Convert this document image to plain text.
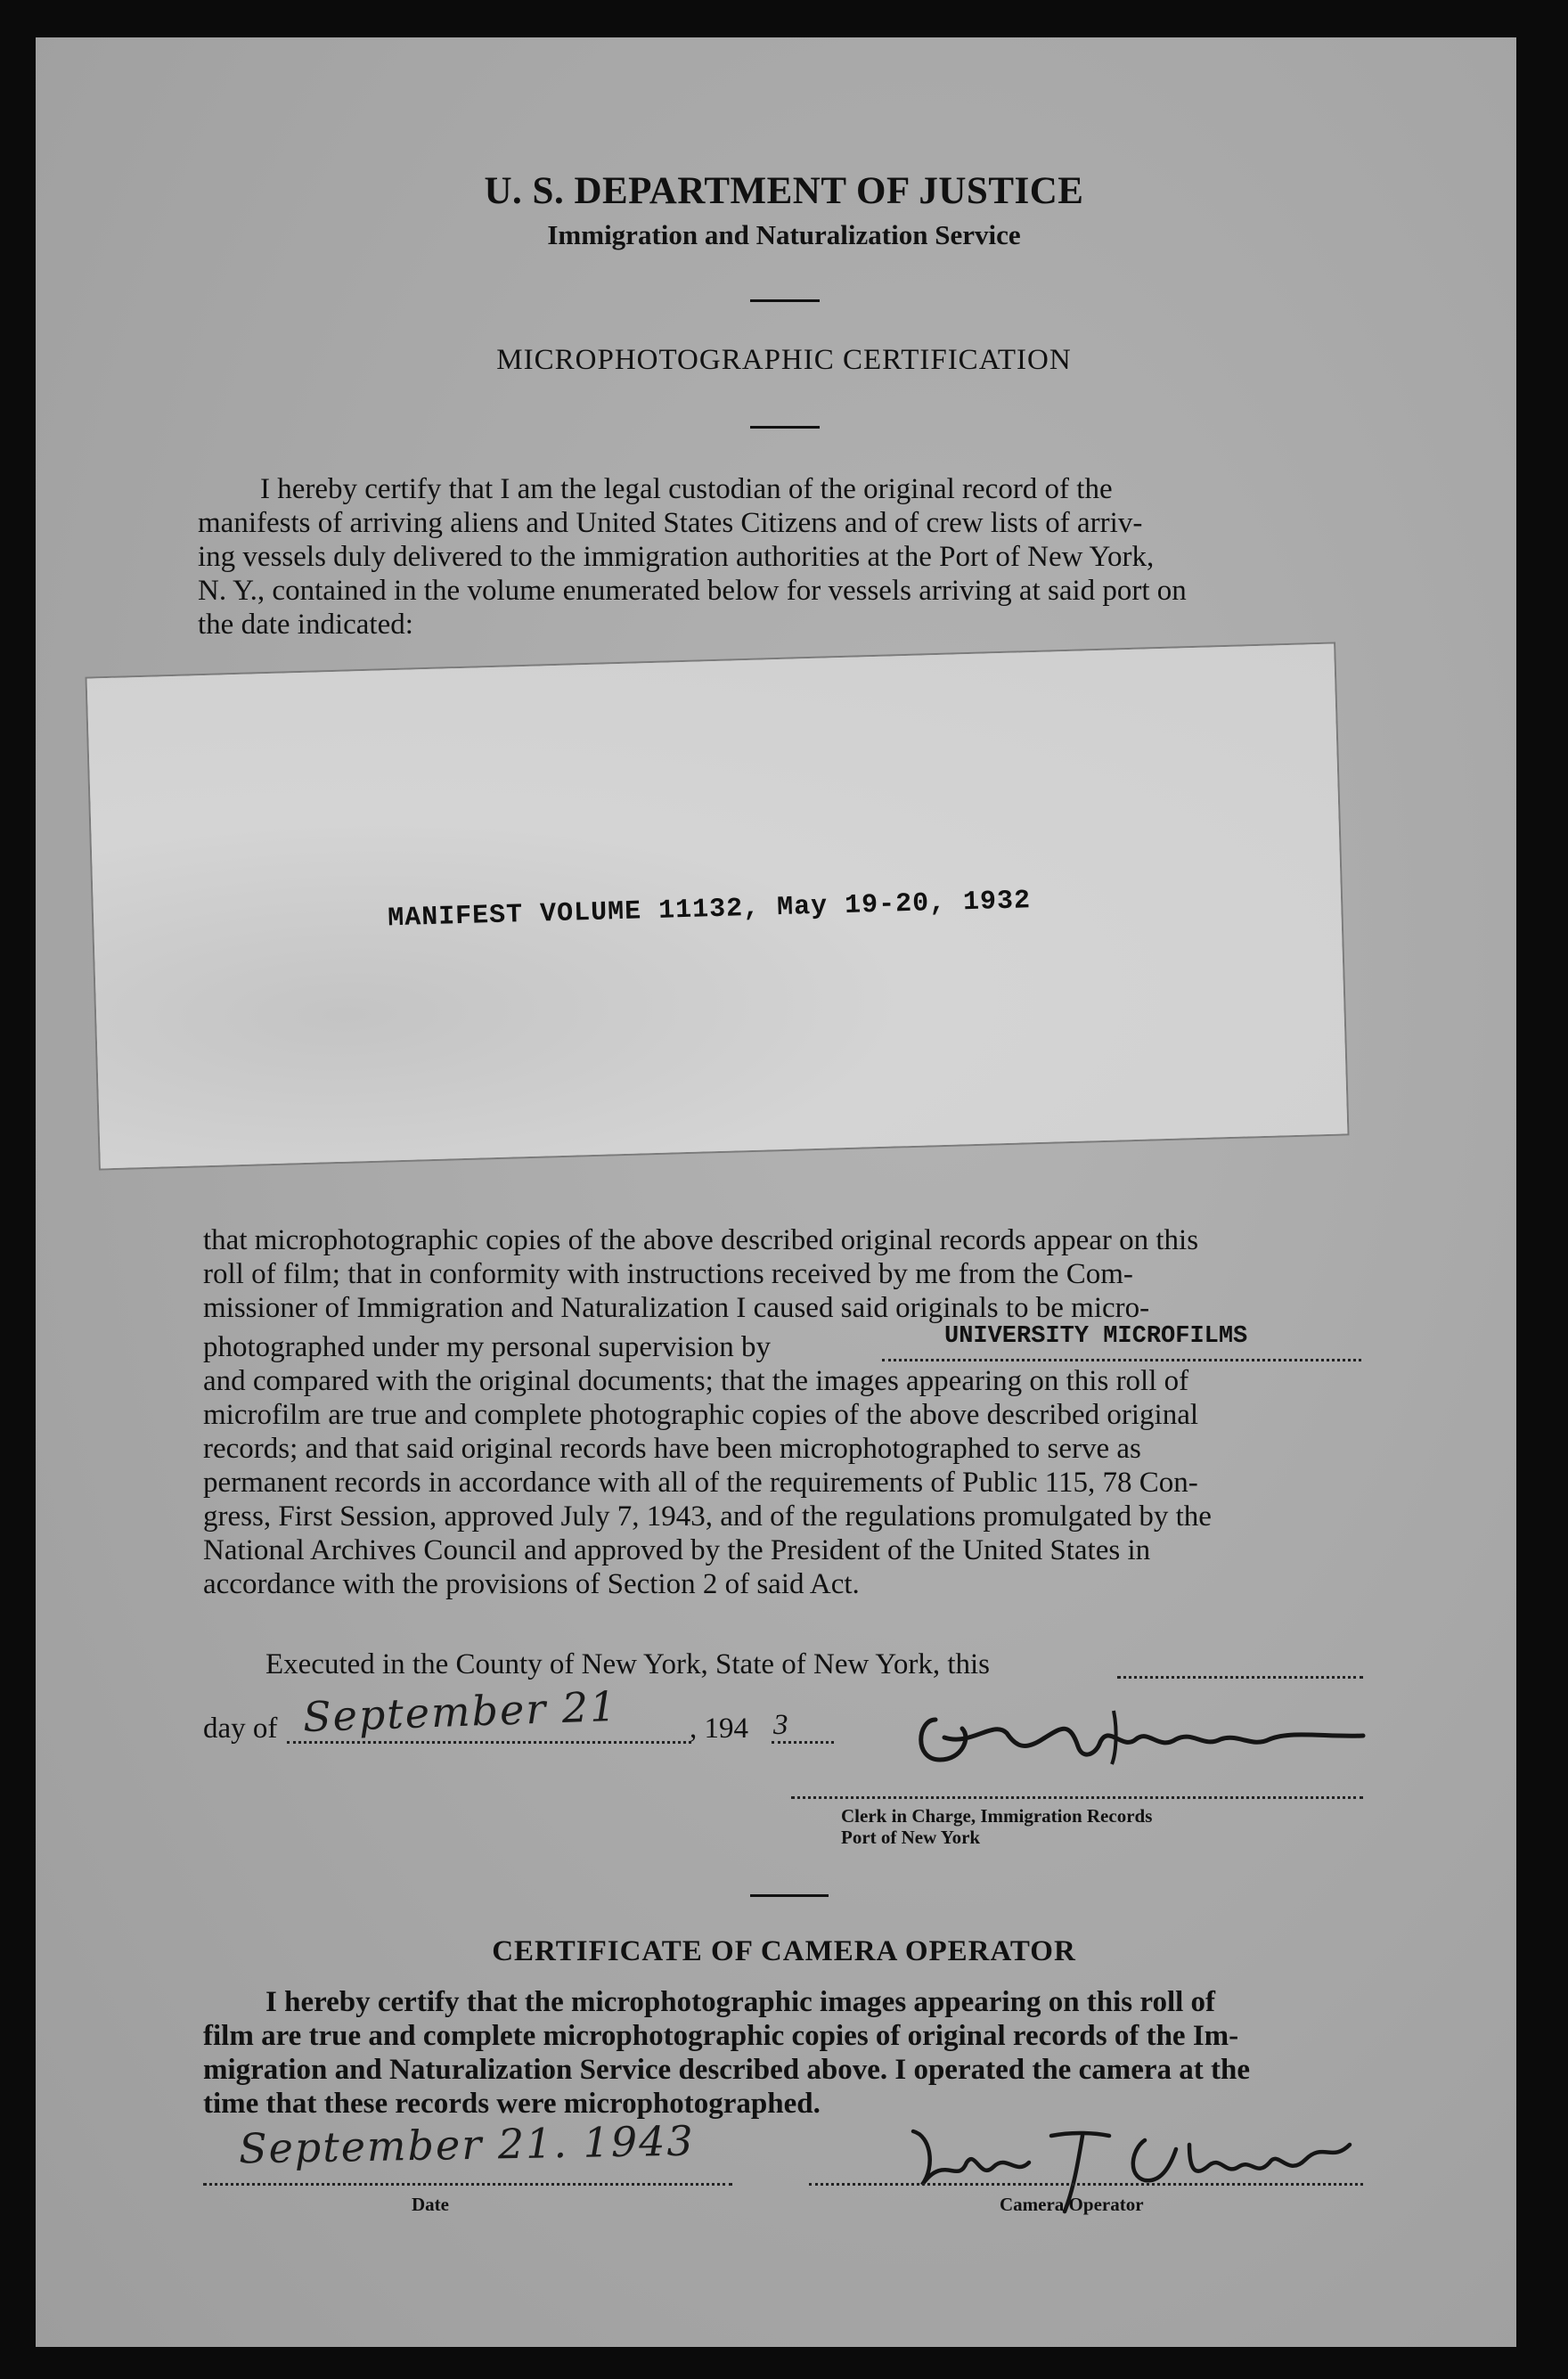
U. S. DEPARTMENT OF JUSTICE
Immigration and Naturalization Service
MICROPHOTOGRAPHIC CERTIFICATION

I hereby certify that I am the legal custodian of the original record of the

manifests of arriving aliens and United States Citizens and of crew lists of arriv-

ing vessels duly delivered to the immigration authorities at the Port of New York,

N. Y., contained in the volume enumerated below for vessels arriving at said port on

the date indicated:

MANIFEST VOLUME 11132, May 19-20, 1932

that microphotographic copies of the above described original records appear on this

roll of film; that in conformity with instructions received by me from the Com-

missioner of Immigration and Naturalization I caused said originals to be micro-

photographed under my personal supervision by	UNIVERSITY MICROFILMS

and compared with the original documents; that the images appearing on this roll of

microfilm are true and complete photographic copies of the above described original

records; and that said original records have been microphotographed to serve as

permanent records in accordance with all of the requirements of Public 115, 78 Con-

gress, First Session, approved July 7, 1943, and of the regulations promulgated by the

National Archives Council and approved by the President of the United States in

accordance with the provisions of Section 2 of said Act.

Executed in the County of New York, State of New York, this
day of September 21 , 194 3
Clerk in Charge, Immigration Records
Port of New York
CERTIFICATE OF CAMERA OPERATOR

I hereby certify that the microphotographic images appearing on this roll of

film are true and complete microphotographic copies of original records of the Im-

migration and Naturalization Service described above. I operated the camera at the

time that these records were microphotographed.

September 21. 1943
Date	Camera Operator
